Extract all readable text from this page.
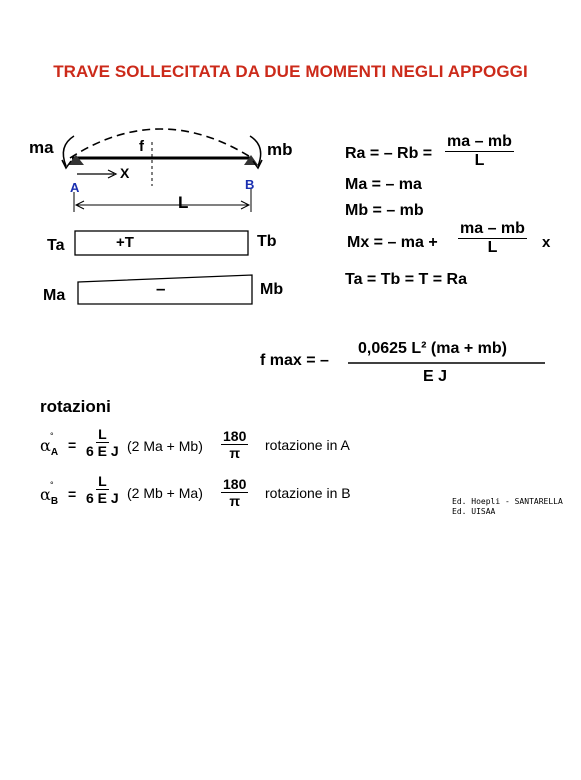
TRAVE SOLLECITATA DA DUE MOMENTI NEGLI APPOGGI
ma	mb
f
A	B
X
L
Ta	Tb
+T
Ma	Mb
–
Ra = – $Rb = \frac{ma - mb}{L}$
Ma = – ma
Mb = – mb
Mx = – ma + $\frac{ma - mb}{L}$ x
Ta = Tb = T = Ra
f max = –
0,0625 L² (ma + mb)
E J
rotazioni
α °
$_A = \frac{L}{\text{6 E J}} (2$ $Ma + Mb) \frac{180}{\pi}$ rotazione in A
α °
$_B = \frac{L}{\text{6 E J}} (2$ $Mb + Ma) \frac{180}{\pi}$ rotazione in B
Ed. Hoepli - SANTARELLA
Ed. UISAA
